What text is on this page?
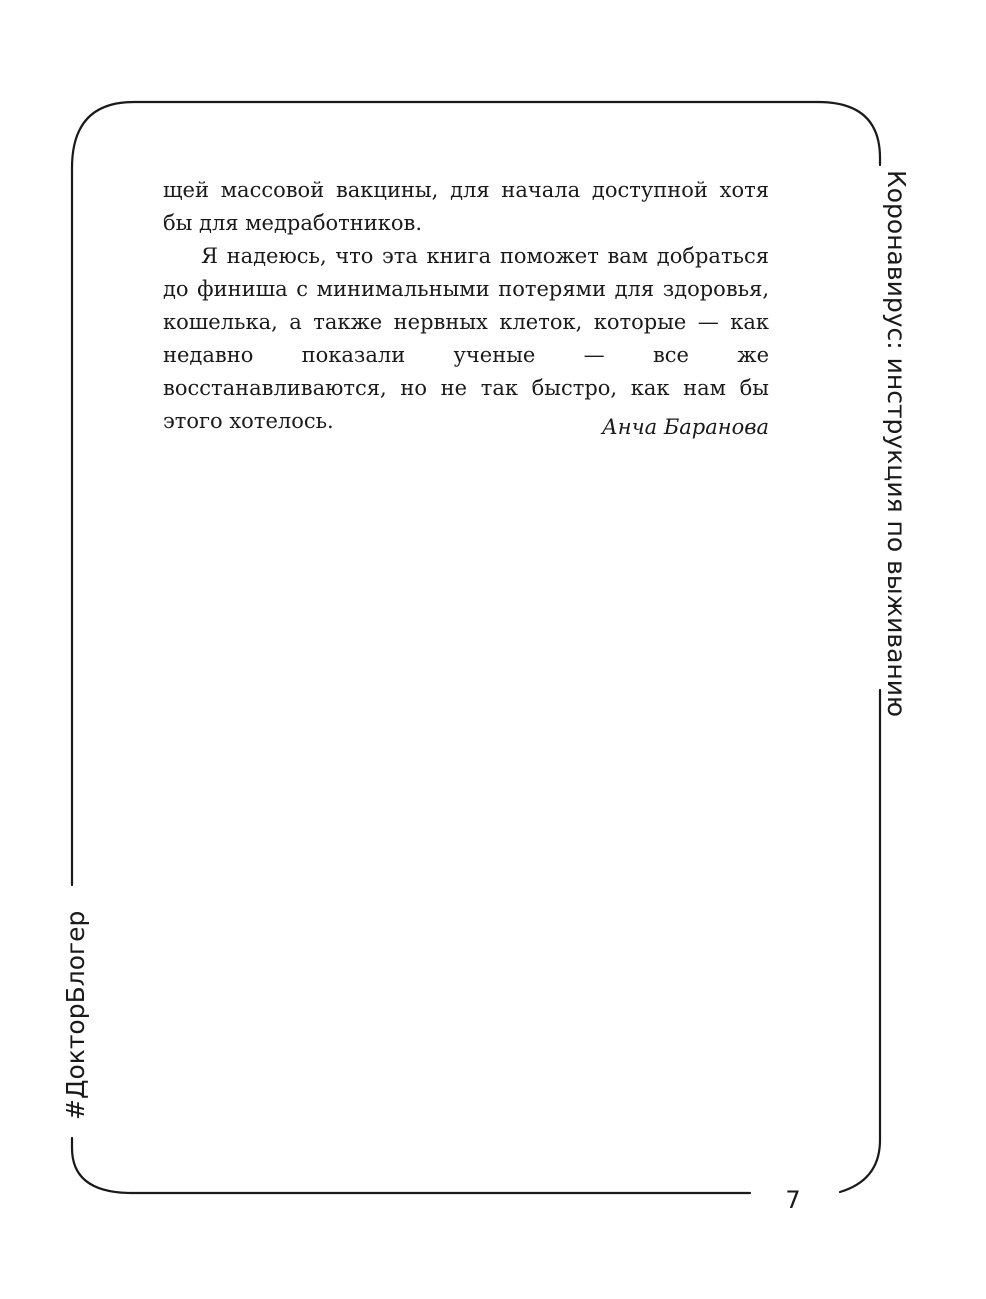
щей массовой вакцины, для начала доступной хотя бы для медработников.

Я надеюсь, что эта книга поможет вам добраться до финиша с минимальными потерями для здоровья, кошелька, а также нервных клеток, которые — как недавно показали ученые — все же восстанавливаются, но не так быстро, как нам бы этого хотелось.	Анча Баранова	Коронавирус: инструкция по выживанию
#ДокторБлогер
7
